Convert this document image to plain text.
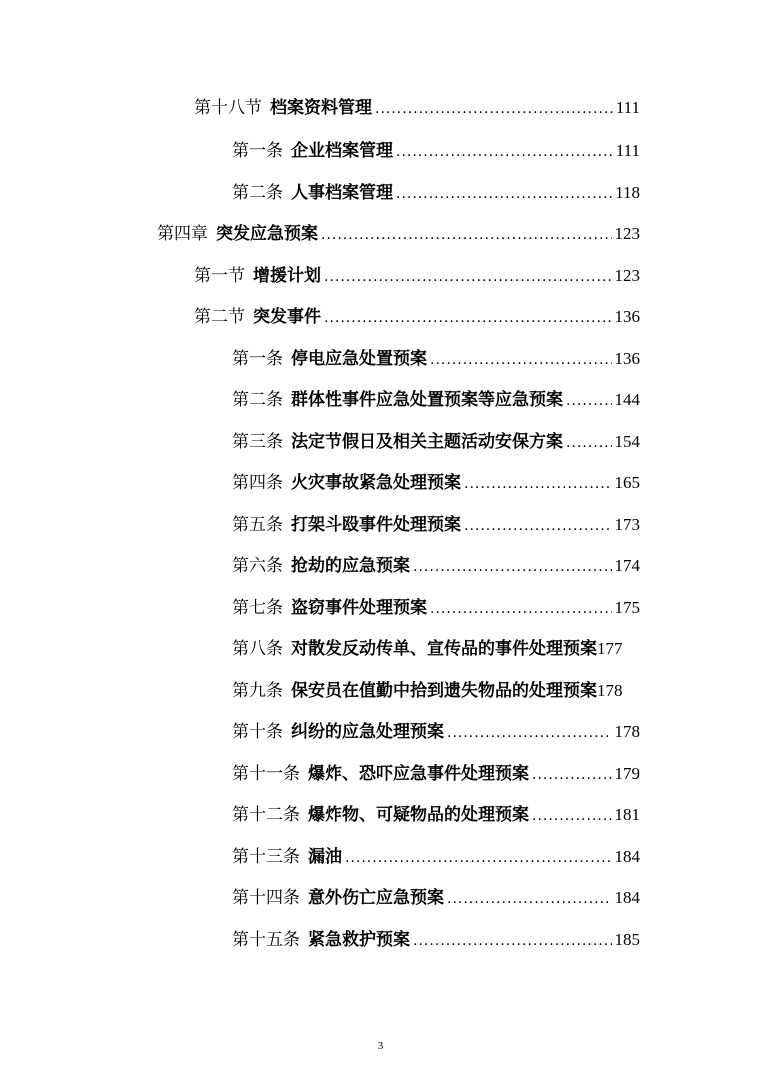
第十八节 档案资料管理 .....	111
第一条 企业档案管理 .....	111
第二条 人事档案管理 .....	118
第四章 突发应急预案 .....	123
第一节 增援计划 .....	123
第二节 突发事件 .....	136
第一条 停电应急处置预案 .....	136
第二条 群体性事件应急处置预案等应急预案 .....	144
第三条 法定节假日及相关主题活动安保方案 .....	154
第四条 火灾事故紧急处理预案 .....	165
第五条 打架斗殴事件处理预案 .....	173
第六条 抢劫的应急预案 .....	174
第七条 盗窃事件处理预案 .....	175
第八条 对散发反动传单、宣传品的事件处理预案 177
第九条 保安员在值勤中拾到遗失物品的处理预案 178
第十条 纠纷的应急处理预案 .....	178
第十一条 爆炸、恐吓应急事件处理预案 .....	179
第十二条 爆炸物、可疑物品的处理预案 .....	181
第十三条 漏油 .....	184
第十四条 意外伤亡应急预案 .....	184
第十五条 紧急救护预案 .....	185
3
